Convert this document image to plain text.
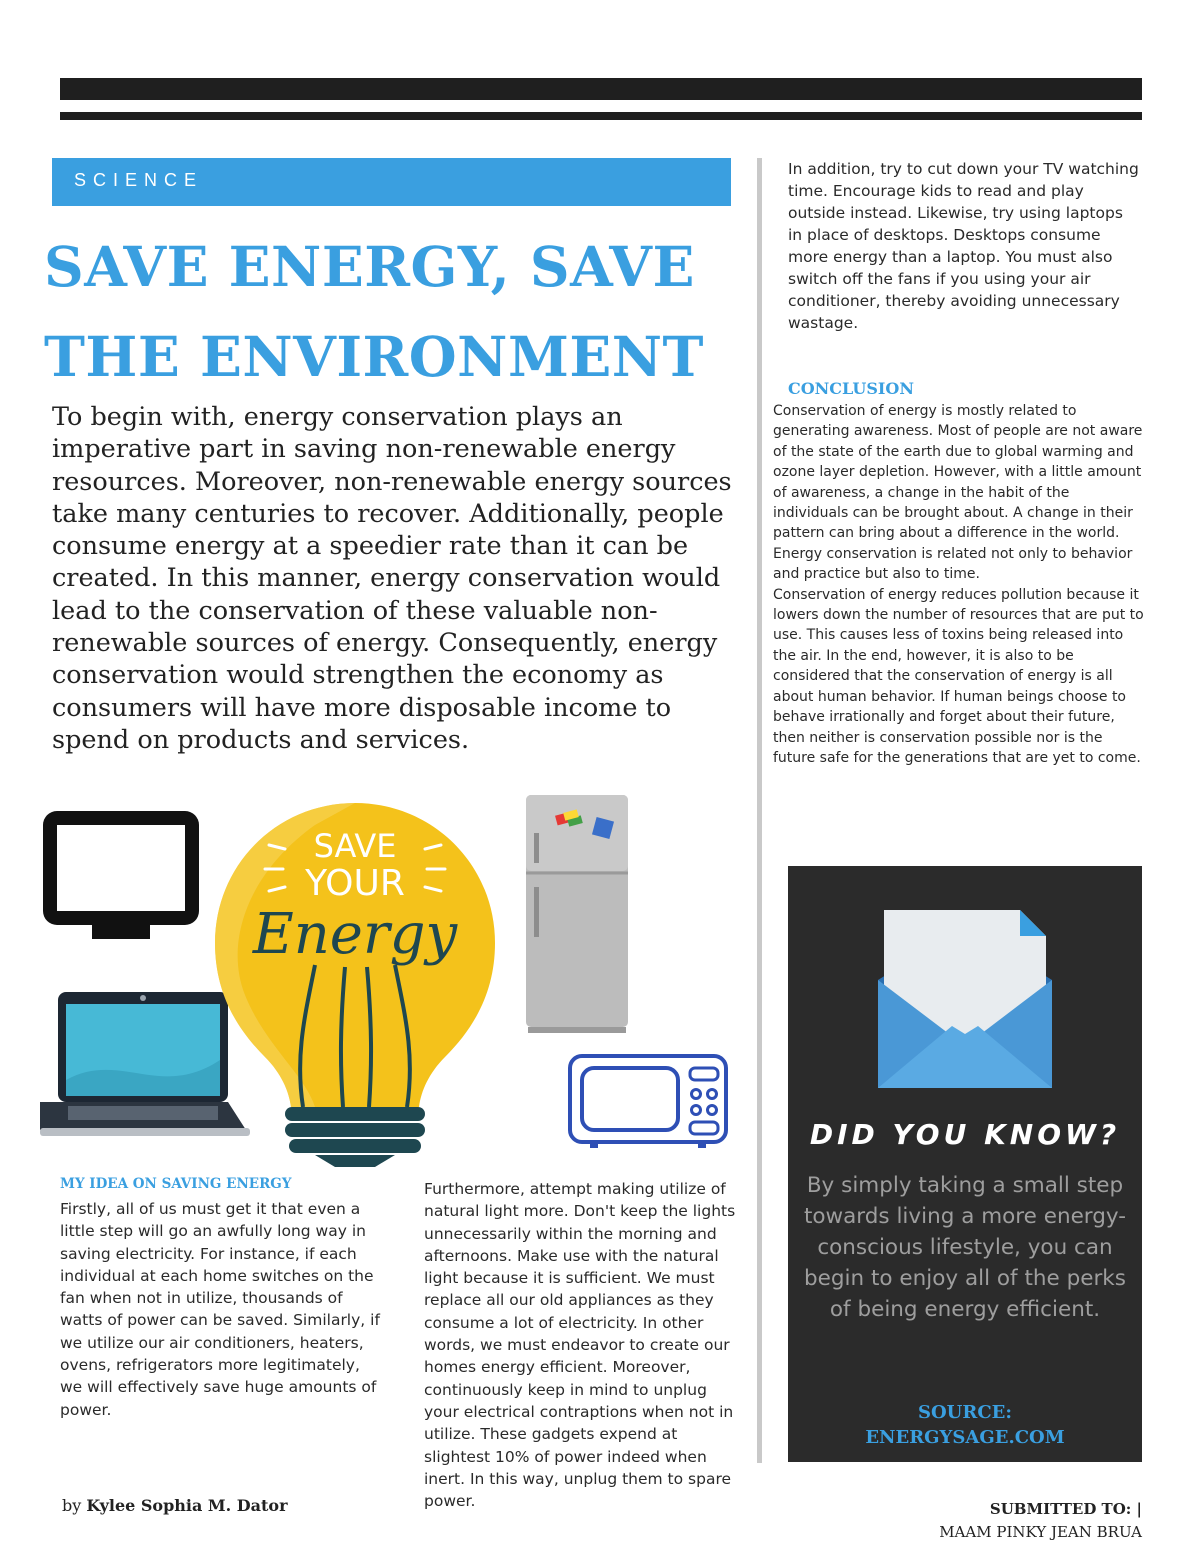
SCIENCE
SAVE ENERGY, SAVE THE ENVIRONMENT

To begin with, energy conservation plays an imperative part in saving non-renewable energy resources. Moreover, non-renewable energy sources take many centuries to recover. Additionally, people consume energy at a speedier rate than it can be created. In this manner, energy conservation would lead to the conservation of these valuable non-renewable sources of energy. Consequently, energy conservation would strengthen the economy as consumers will have more disposable income to spend on products and services.

In addition, try to cut down your TV watching time. Encourage kids to read and play outside instead. Likewise, try using laptops in place of desktops. Desktops consume more energy than a laptop. You must also switch off the fans if you using your air conditioner, thereby avoiding unnecessary wastage.

CONCLUSION
Conservation of energy is mostly related to generating awareness. Most of people are not aware of the state of the earth due to global warming and ozone layer depletion. However, with a little amount of awareness, a change in the habit of the individuals can be brought about. A change in their pattern can bring about a difference in the world. Energy conservation is related not only to behavior and practice but also to time.
Conservation of energy reduces pollution because it lowers down the number of resources that are put to use. This causes less of toxins being released into the air. In the end, however, it is also to be considered that the conservation of energy is all about human behavior. If human beings choose to behave irrationally and forget about their future, then neither is conservation possible nor is the future safe for the generations that are yet to come.
SAVE
YOUR
Energy
MY IDEA ON SAVING ENERGY

Firstly, all of us must get it that even a little step will go an awfully long way in saving electricity. For instance, if each individual at each home switches on the fan when not in utilize, thousands of watts of power can be saved. Similarly, if we utilize our air conditioners, heaters, ovens, refrigerators more legitimately, we will effectively save huge amounts of power.

Furthermore, attempt making utilize of natural light more. Don't keep the lights unnecessarily within the morning and afternoons. Make use with the natural light because it is sufficient. We must replace all our old appliances as they consume a lot of electricity. In other words, we must endeavor to create our homes energy efficient. Moreover, continuously keep in mind to unplug your electrical contraptions when not in utilize. These gadgets expend at slightest 10% of power indeed when inert. In this way, unplug them to spare power.

by Kylee Sophia M. Dator	SUBMITTED TO: |
MAAM PINKY JEAN BRUA
DID YOU KNOW?

By simply taking a small step towards living a more energy-conscious lifestyle, you can begin to enjoy all of the perks of being energy efficient.

SOURCE:
ENERGYSAGE.COM
